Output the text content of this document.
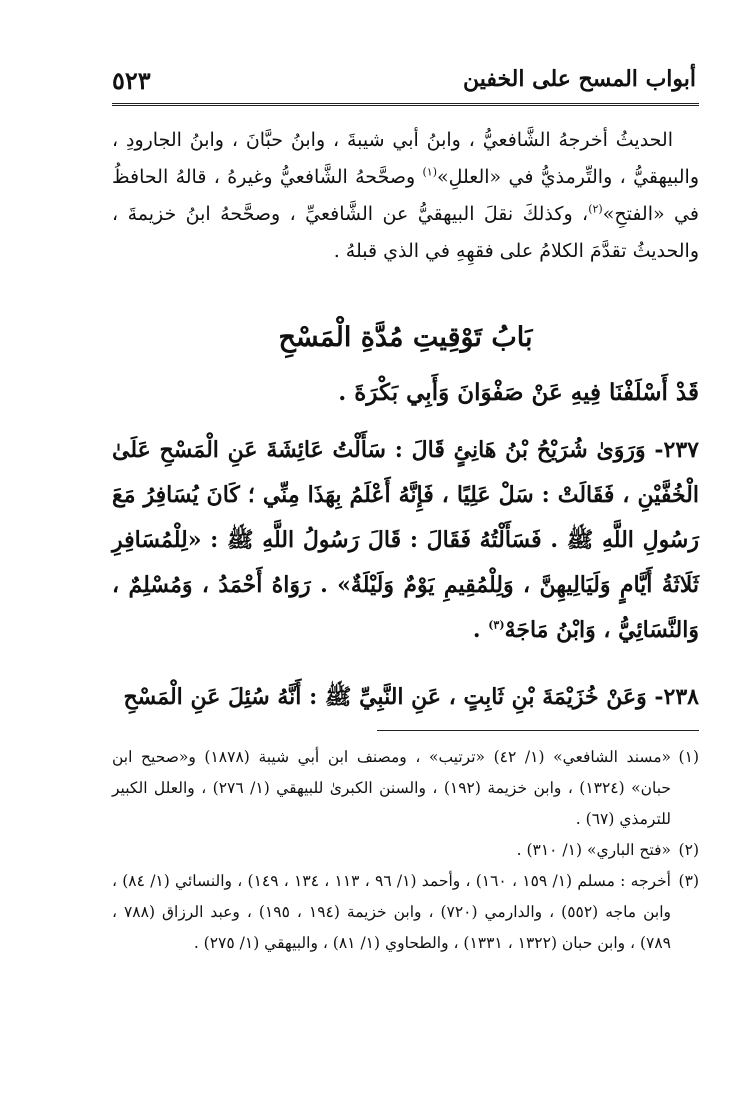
أبواب المسح على الخفين
٥٢٣

الحديثُ أخرجهُ الشَّافعيُّ ، وابنُ أبي شيبةَ ، وابنُ حبَّانَ ، وابنُ الجارودِ ، والبيهقيُّ ، والتِّرمذيُّ في «العللِ»$^{(١)}$ وصحَّحهُ الشَّافعيُّ وغيرهُ ، قالهُ الحافظُ في «الفتحِ»$^{(٢)}$، وكذلكَ نقلَ البيهقيُّ عن الشَّافعيِّ ، وصحَّحهُ ابنُ خزيمةَ ، والحديثُ تقدَّمَ الكلامُ على فقهِهِ في الذي قبلهُ .

بَابُ تَوْقِيتِ مُدَّةِ الْمَسْحِ
قَدْ أَسْلَفْنَا فِيهِ عَنْ صَفْوَانَ وَأَبِي بَكْرَةَ .
٢٣٧- وَرَوَىٰ شُرَيْحُ بْنُ هَانِئٍ قَالَ : سَأَلْتُ عَائِشَةَ عَنِ الْمَسْحِ عَلَىٰ الْخُفَّيْنِ ، فَقَالَتْ : سَلْ عَلِيًا ، فَإِنَّهُ أَعْلَمُ بِهَذَا مِنِّي ؛ كَانَ يُسَافِرُ مَعَ رَسُولِ اللَّهِ ﷺ . فَسَأَلْتُهُ فَقَالَ : قَالَ رَسُولُ اللَّهِ ﷺ : «لِلْمُسَافِرِ ثَلَاثَةُ أَيَّامٍ وَلَيَالِيهِنَّ ، وَلِلْمُقِيمِ يَوْمٌ وَلَيْلَةٌ» . رَوَاهُ أَحْمَدُ ، وَمُسْلِمٌ ، وَالنَّسَائِيُّ ، وَابْنُ مَاجَهْ$^{(٣)}$ .
٢٣٨- وَعَنْ خُزَيْمَةَ بْنِ ثَابِتٍ ، عَنِ النَّبِيِّ ﷺ : أَنَّهُ سُئِلَ عَنِ الْمَسْحِ

(١)
«مسند الشافعي» (١/ ٤٢) «ترتيب» ، ومصنف ابن أبي شيبة (١٨٧٨) و«صحيح ابن حبان» (١٣٢٤) ، وابن خزيمة (١٩٢) ، والسنن الكبرىٰ للبيهقي (١/ ٢٧٦) ، والعلل الكبير للترمذي (٦٧) .

(٢)
«فتح الباري» (١/ ٣١٠) .

(٣)
أخرجه : مسلم (١/ ١٥٩ ، ١٦٠) ، وأحمد (١/ ٩٦ ، ١١٣ ، ١٣٤ ، ١٤٩) ، والنسائي (١/ ٨٤) ، وابن ماجه (٥٥٢) ، والدارمي (٧٢٠) ، وابن خزيمة (١٩٤ ، ١٩٥) ، وعبد الرزاق (٧٨٨ ، ٧٨٩) ، وابن حبان (١٣٢٢ ، ١٣٣١) ، والطحاوي (١/ ٨١) ، والبيهقي (١/ ٢٧٥) .
